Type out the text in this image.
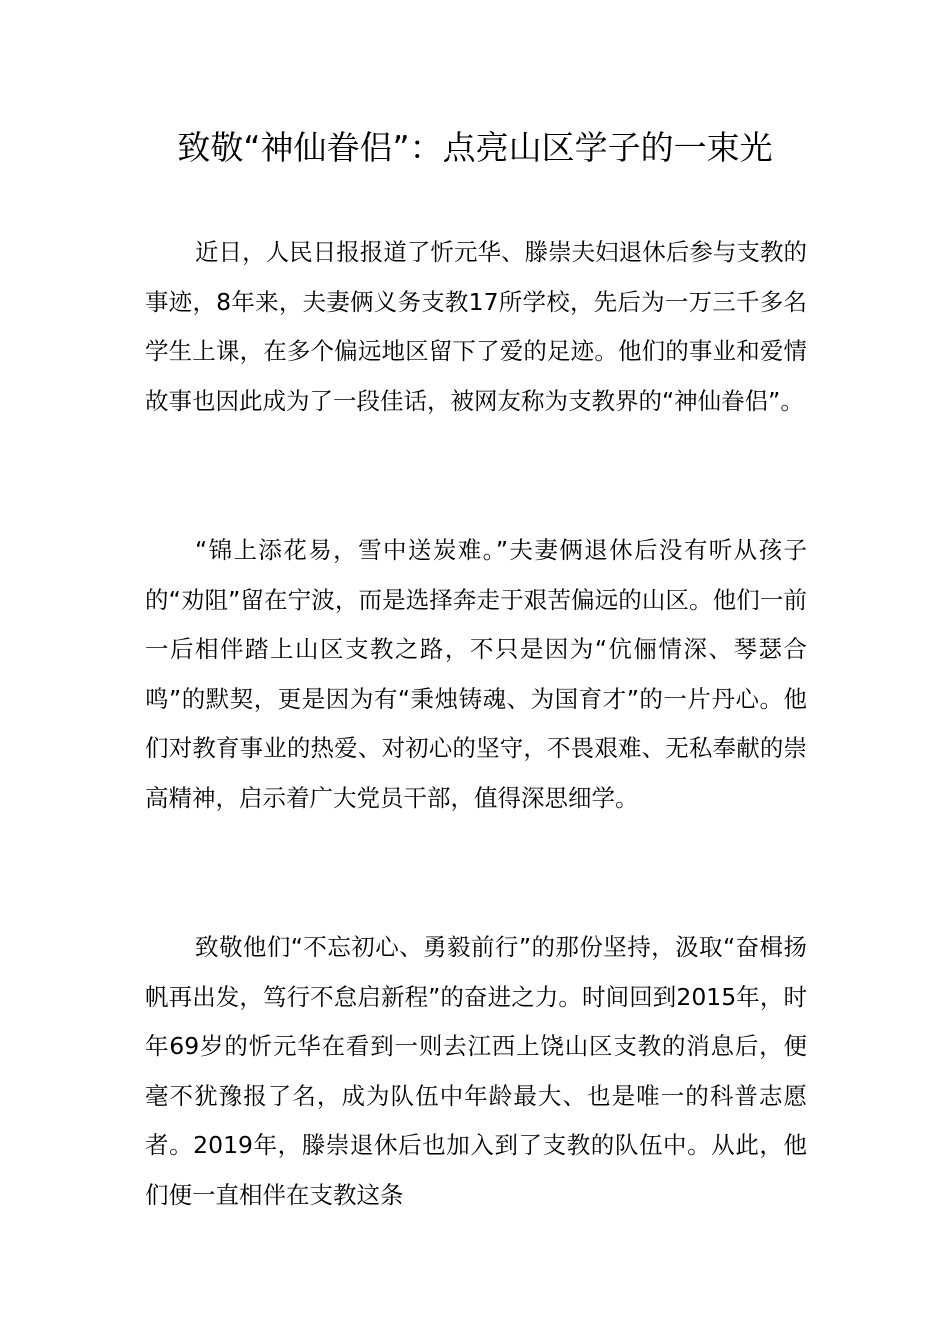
致敬“神仙眷侣”：点亮山区学子的一束光

近日，人民日报报道了忻元华、滕崇夫妇退休后参与支教的事迹，8年来，夫妻俩义务支教17所学校，先后为一万三千多名学生上课，在多个偏远地区留下了爱的足迹。他们的事业和爱情故事也因此成为了一段佳话，被网友称为支教界的“神仙眷侣”。

“锦上添花易，雪中送炭难。”夫妻俩退休后没有听从孩子的“劝阻”留在宁波，而是选择奔走于艰苦偏远的山区。他们一前一后相伴踏上山区支教之路，不只是因为“伉俪情深、琴瑟合鸣”的默契，更是因为有“秉烛铸魂、为国育才”的一片丹心。他们对教育事业的热爱、对初心的坚守，不畏艰难、无私奉献的崇高精神，启示着广大党员干部，值得深思细学。

致敬他们“不忘初心、勇毅前行”的那份坚持，汲取“奋楫扬帆再出发，笃行不怠启新程”的奋进之力。时间回到2015年，时年69岁的忻元华在看到一则去江西上饶山区支教的消息后，便毫不犹豫报了名，成为队伍中年龄最大、也是唯一的科普志愿者。2019年，滕崇退休后也加入到了支教的队伍中。从此，他们便一直相伴在支教这条
